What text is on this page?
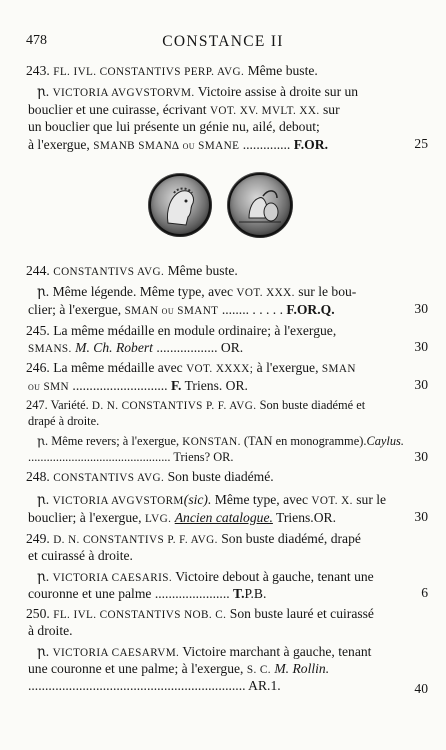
478	CONSTANCE II
243. FL. IVL. CONSTANTIVS PERP. AVG. Même buste.
ꞃ. VICTORIA AVGVSTORVM. Victoire assise à droite sur un
bouclier et une cuirasse, écrivant VOT. XV. MVLT. XX. sur
un bouclier que lui présente un génie nu, ailé, debout;
à l'exergue, SMANB SMAN∆ ou SMANE .............. F.OR.	25
244. CONSTANTIVS AVG. Même buste.
ꞃ. Même légende. Même type, avec VOT. XXX. sur le bou-
clier; à l'exergue, SMAN ou SMANT ........ . . . . . F.OR.Q.	30
245. La même médaille en module ordinaire; à l'exergue,
SMANS. M. Ch. Robert .................. OR.	30
246. La même médaille avec VOT. XXXX; à l'exergue, SMAN
ou SMN ............................ F. Triens. OR.	30
247. Variété. D. N. CONSTANTIVS P. F. AVG. Son buste diadémé et
drapé à droite.
ꞃ. Même revers; à l'exergue, KONSTAN. (TAN en monogramme).Caylus.
.............................................. Triens? OR.	30
248. CONSTANTIVS AVG. Son buste diadémé.
ꞃ. VICTORIA AVGVSTORM(sic). Même type, avec VOT. X. sur le
bouclier; à l'exergue, LVG. Ancien catalogue. Triens.OR.	30
249. D. N. CONSTANTIVS P. F. AVG. Son buste diadémé, drapé
et cuirassé à droite.
ꞃ. VICTORIA CAESARIS. Victoire debout à gauche, tenant une
couronne et une palme ...................... T.P.B.	6
250. FL. IVL. CONSTANTIVS NOB. C. Son buste lauré et cuirassé
à droite.
ꞃ. VICTORIA CAESARVM. Victoire marchant à gauche, tenant
une couronne et une palme; à l'exergue, S. C. M. Rollin.
................................................................ AR.1.	40
